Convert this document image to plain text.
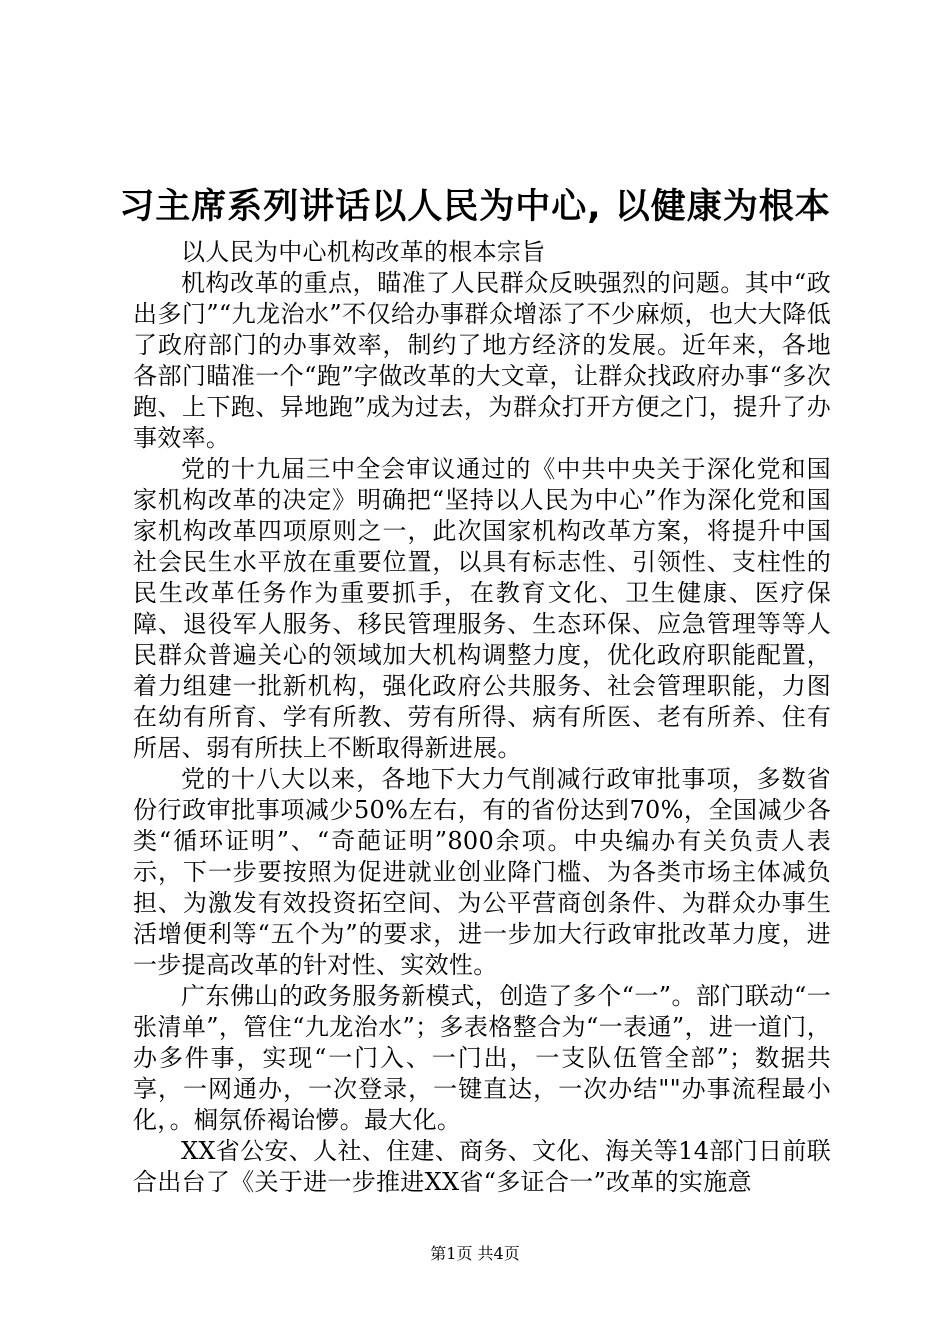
习主席系列讲话以人民为中心, 以健康为根本

以人民为中心机构改革的根本宗旨

机构改革的重点，瞄准了人民群众反映强烈的问题。其中“政出多门”“九龙治水”不仅给办事群众增添了不少麻烦，也大大降低了政府部门的办事效率，制约了地方经济的发展。近年来，各地各部门瞄准一个“跑”字做改革的大文章，让群众找政府办事“多次跑、上下跑、异地跑”成为过去，为群众打开方便之门，提升了办事效率。

党的十九届三中全会审议通过的《中共中央关于深化党和国家机构改革的决定》明确把“坚持以人民为中心”作为深化党和国家机构改革四项原则之一，此次国家机构改革方案，将提升中国社会民生水平放在重要位置，以具有标志性、引领性、支柱性的民生改革任务作为重要抓手，在教育文化、卫生健康、医疗保障、退役军人服务、移民管理服务、生态环保、应急管理等等人民群众普遍关心的领域加大机构调整力度，优化政府职能配置，着力组建一批新机构，强化政府公共服务、社会管理职能，力图在幼有所育、学有所教、劳有所得、病有所医、老有所养、住有所居、弱有所扶上不断取得新进展。

党的十八大以来，各地下大力气削减行政审批事项，多数省份行政审批事项减少50%左右，有的省份达到70%，全国减少各类“循环证明”、“奇葩证明”800余项。中央编办有关负责人表示，下一步要按照为促进就业创业降门槛、为各类市场主体减负担、为激发有效投资拓空间、为公平营商创条件、为群众办事生活增便利等“五个为”的要求，进一步加大行政审批改革力度，进一步提高改革的针对性、实效性。

广东佛山的政务服务新模式，创造了多个“一”。部门联动“一张清单”，管住“九龙治水”；多表格整合为“一表通”，进一道门，办多件事，实现“一门入、一门出，一支队伍管全部”；数据共享，一网通办，一次登录，一键直达，一次办结""办事流程最小化，。榈氛侨褐诒懜。最大化。

XX省公安、人社、住建、商务、文化、海关等14部门日前联合出台了《关于进一步推进XX省“多证合一”改革的实施意

第1页 共4页
